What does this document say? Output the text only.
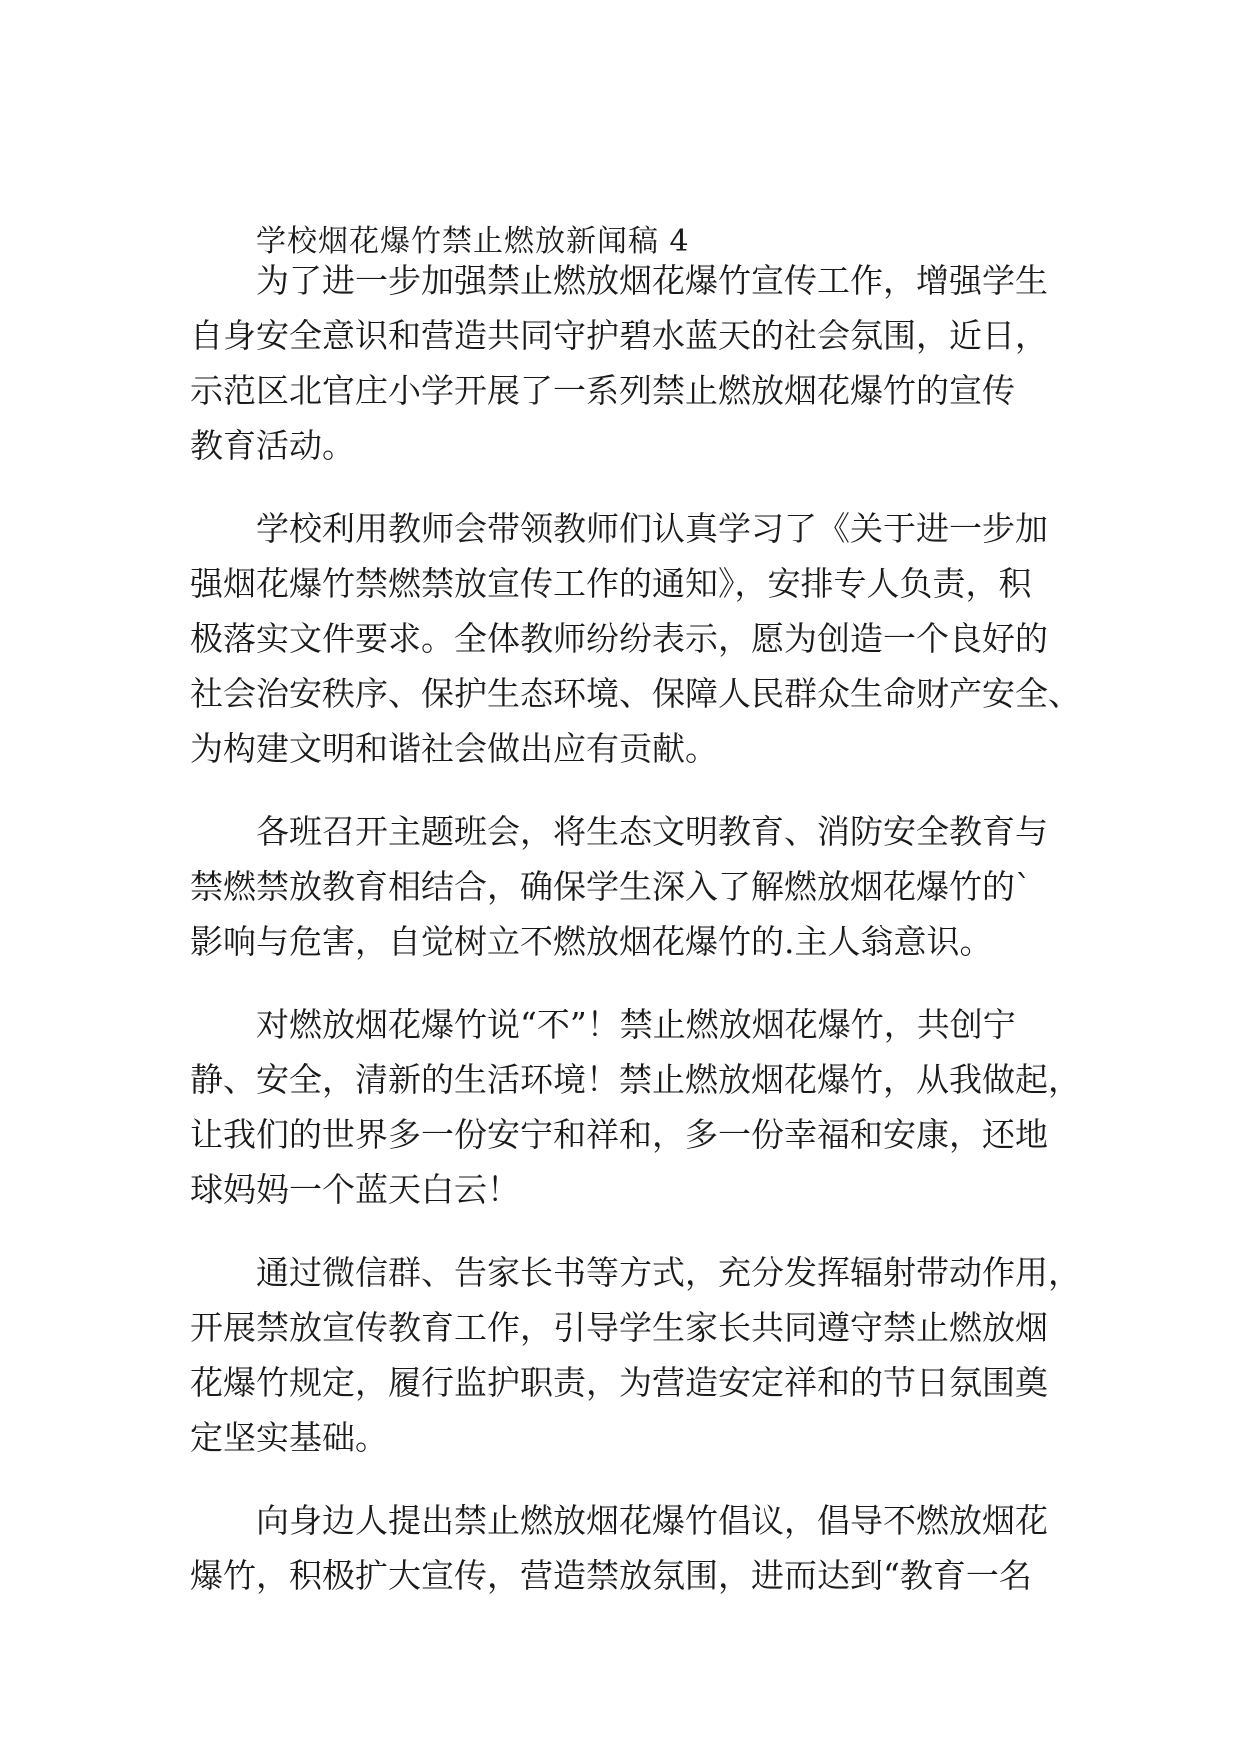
学校烟花爆竹禁止燃放新闻稿 4
为了进一步加强禁止燃放烟花爆竹宣传工作，增强学生
自身安全意识和营造共同守护碧水蓝天的社会氛围，近日，
示范区北官庄小学开展了一系列禁止燃放烟花爆竹的宣传
教育活动。
学校利用教师会带领教师们认真学习了《关于进一步加
强烟花爆竹禁燃禁放宣传工作的通知》，安排专人负责，积
极落实文件要求。全体教师纷纷表示，愿为创造一个良好的
社会治安秩序、保护生态环境、保障人民群众生命财产安全、
为构建文明和谐社会做出应有贡献。
各班召开主题班会，将生态文明教育、消防安全教育与
禁燃禁放教育相结合，确保学生深入了解燃放烟花爆竹的`
影响与危害，自觉树立不燃放烟花爆竹的.主人翁意识。
对燃放烟花爆竹说“不”！禁止燃放烟花爆竹，共创宁
静、安全，清新的生活环境！禁止燃放烟花爆竹，从我做起，
让我们的世界多一份安宁和祥和，多一份幸福和安康，还地
球妈妈一个蓝天白云！
通过微信群、告家长书等方式，充分发挥辐射带动作用，
开展禁放宣传教育工作，引导学生家长共同遵守禁止燃放烟
花爆竹规定，履行监护职责，为营造安定祥和的节日氛围奠
定坚实基础。
向身边人提出禁止燃放烟花爆竹倡议，倡导不燃放烟花
爆竹，积极扩大宣传，营造禁放氛围，进而达到“教育一名
